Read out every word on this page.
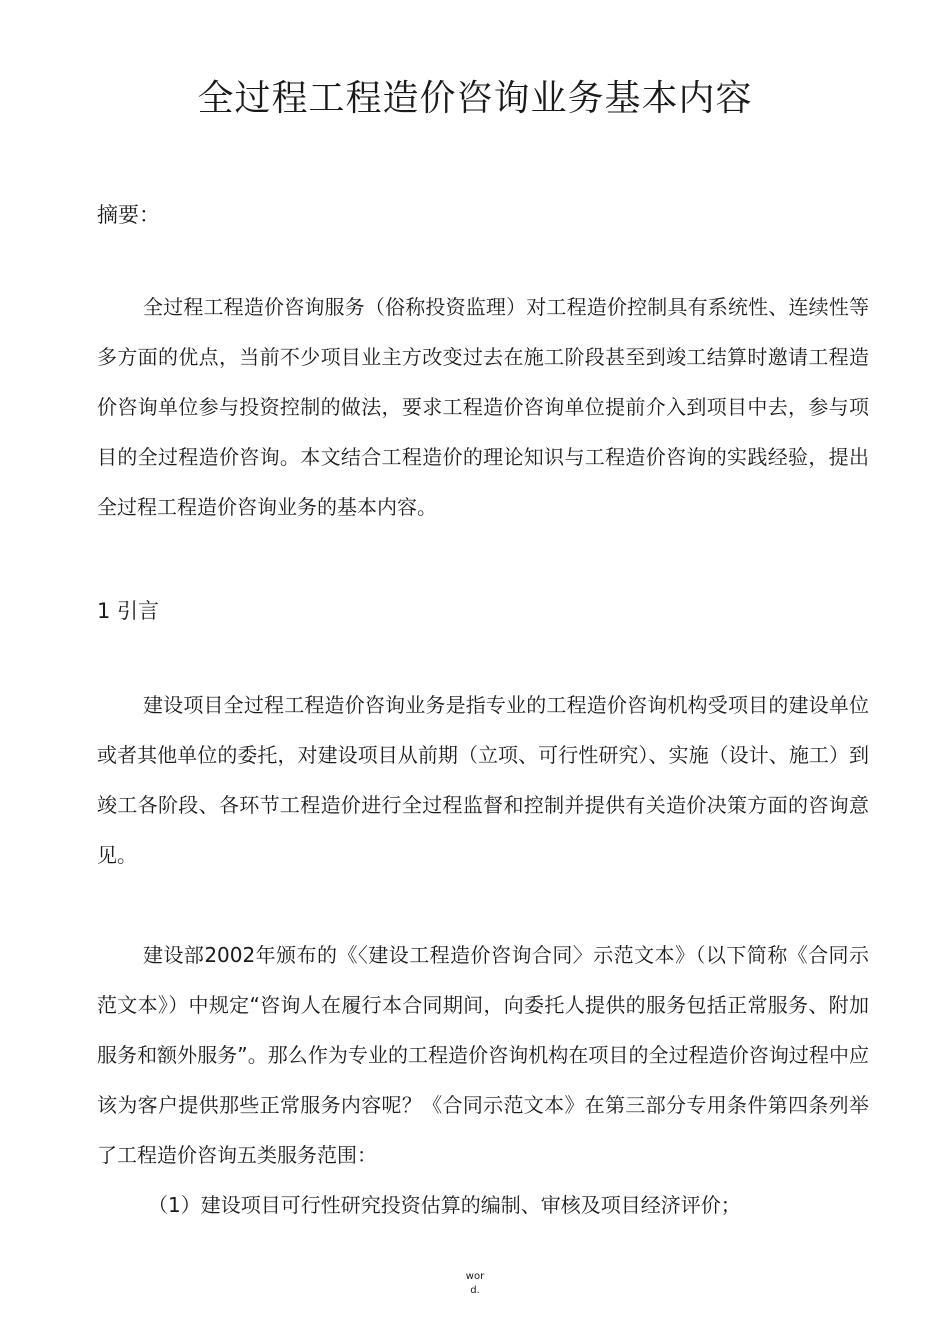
全过程工程造价咨询业务基本内容

摘要：

全过程工程造价咨询服务（俗称投资监理）对工程造价控制具有系统性、连续性等多方面的优点，当前不少项目业主方改变过去在施工阶段甚至到竣工结算时邀请工程造价咨询单位参与投资控制的做法，要求工程造价咨询单位提前介入到项目中去，参与项目的全过程造价咨询。本文结合工程造价的理论知识与工程造价咨询的实践经验，提出全过程工程造价咨询业务的基本内容。

1 引言

建设项目全过程工程造价咨询业务是指专业的工程造价咨询机构受项目的建设单位或者其他单位的委托，对建设项目从前期（立项、可行性研究）、实施（设计、施工）到竣工各阶段、各环节工程造价进行全过程监督和控制并提供有关造价决策方面的咨询意见。

建设部2002年颁布的《〈建设工程造价咨询合同〉示范文本》（以下简称《合同示范文本》）中规定“咨询人在履行本合同期间，向委托人提供的服务包括正常服务、附加服务和额外服务”。那么作为专业的工程造价咨询机构在项目的全过程造价咨询过程中应该为客户提供那些正常服务内容呢？《合同示范文本》在第三部分专用条件第四条列举了工程造价咨询五类服务范围：

（1）建设项目可行性研究投资估算的编制、审核及项目经济评价；

wor
d.
